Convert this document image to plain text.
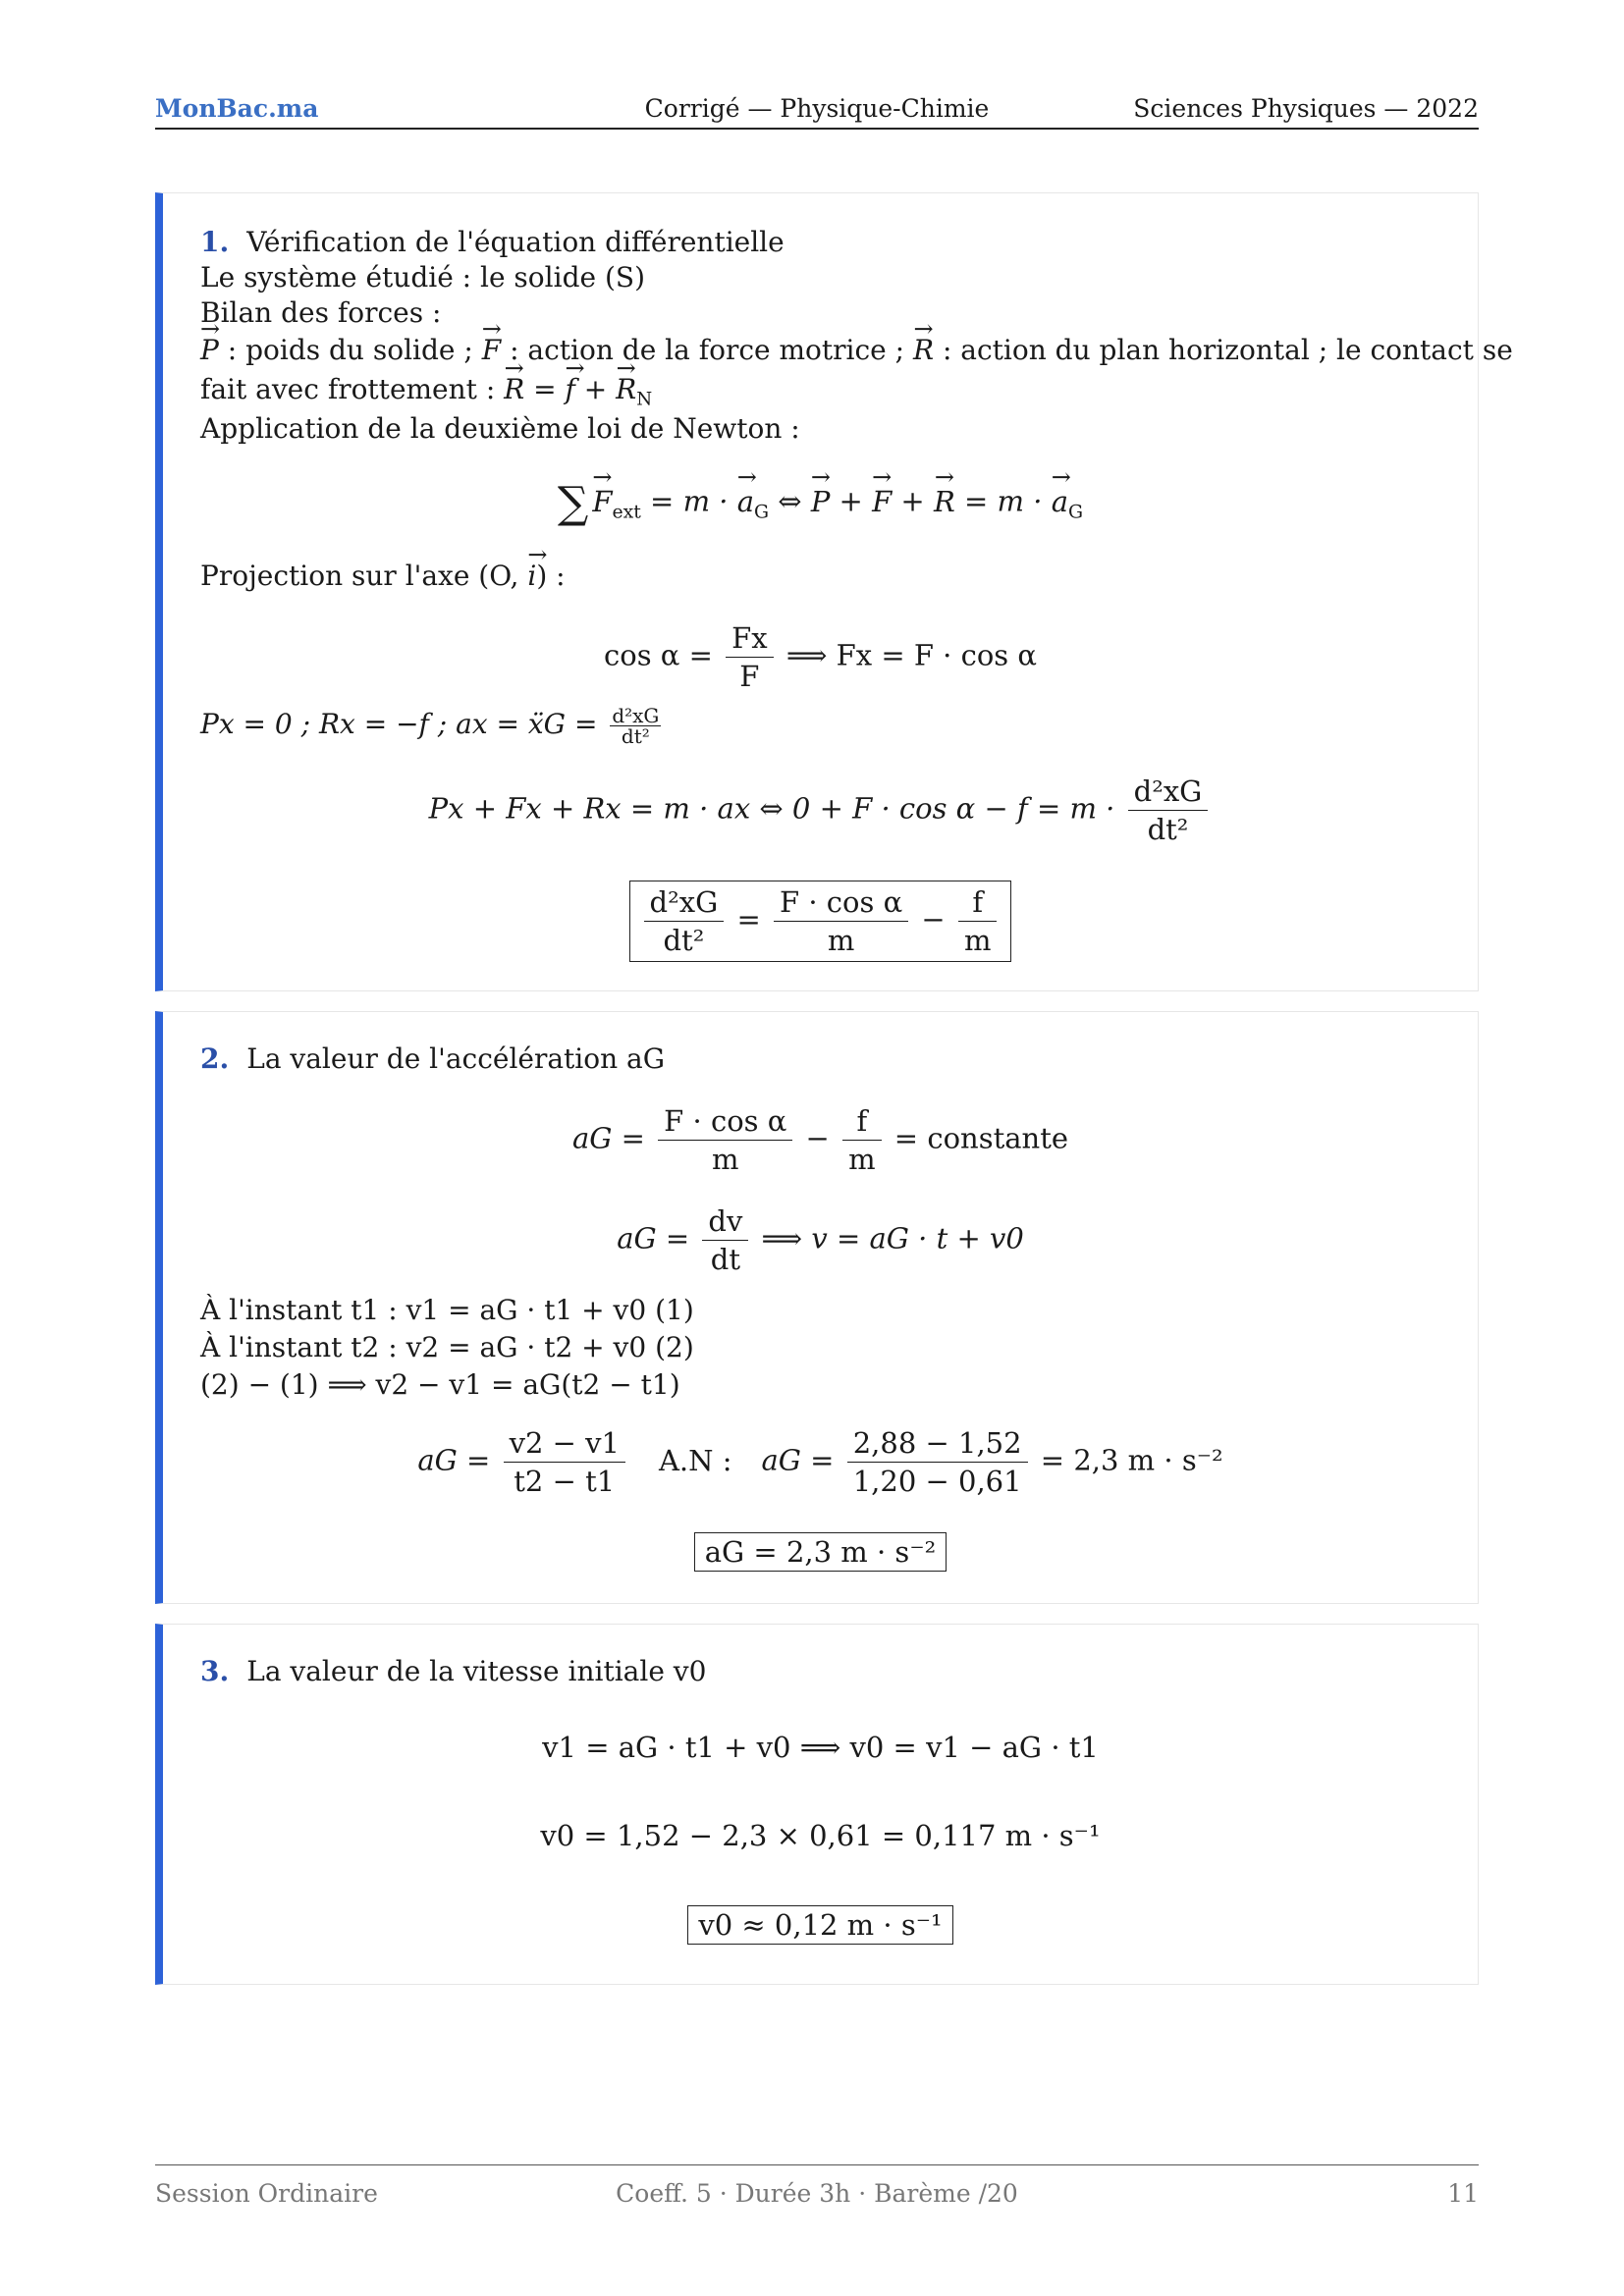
MonBac.ma	Corrigé — Physique-Chimie	Sciences Physiques — 2022
1. Vérification de l'équation différentielle
Le système étudié : le solide (S)
Bilan des forces :
→ P : poids du solide ; → F : action de la force motrice ; → R : action du plan horizontal ; le contact se
fait avec frottement : → R = → f + → $R_N$
Application de la deuxième loi de Newton :
∑→ $F_{ext} = m$ · → $a_G$ ⇔ → P + → F + → R = m · → $a_G$
Projection sur l'axe (O, → i) :
$\cos \alpha = \frac{Fx}{F}$ ⟹ Fx = F · cos α
Px = 0 ; Rx = −f ; ax = ẍG = $\frac{\text{d²xG}}{\text{dt²}}$
Px + Fx + Rx = m · ax ⇔ $0 + F \cdot \cos \alpha - f = m \cdot \frac{\text{d²xG}}{\text{dt²}}$
$\frac{\text{d²xG}}{\text{dt²}} = \frac{\text{F · cos α}}{m} - \frac{f}{m}$
2. La valeur de l'accélération aG
aG = $\frac{\text{F · cos α}}{m} - \frac{f}{m}$ = constante
aG = $\frac{dv}{dt}$ ⟹ v = aG · t + v0
À l'instant t1 : v1 = aG · t1 + v0 (1)
À l'instant t2 : v2 = aG · t2 + v0 (2)
(2) − (1) ⟹ v2 − v1 = aG(t2 − t1)
aG = $\frac{v2 - v1}{t2 - t1} A.N$ : aG = $\frac{2,88 - 1,52}{1,20 - 0,61} = 2,3$ m · s⁻²
aG = 2,3 m · s⁻²
3. La valeur de la vitesse initiale v0
v1 = aG · t1 + v0 ⟹ v0 = v1 − aG · t1
v0 = 1,52 − 2,3 × 0,61 = 0,117 m · s⁻¹
v0 ≈ 0,12 m · s⁻¹
Session Ordinaire	Coeff. 5 · Durée 3h · Barème /20	11
